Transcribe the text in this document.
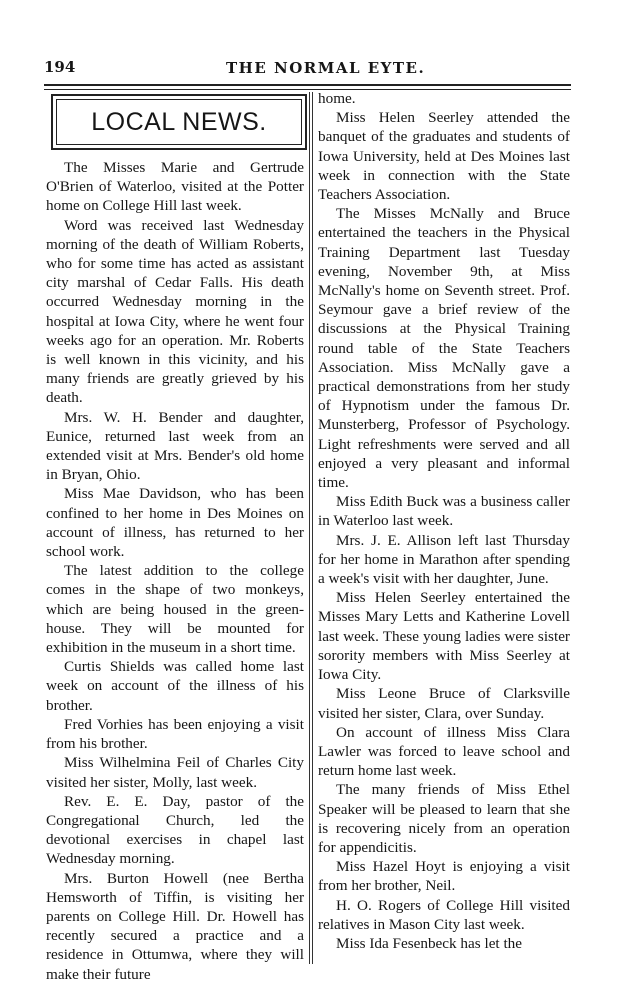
194	THE NORMAL EYTE.
LOCAL NEWS.

The Misses Marie and Gertrude O'Brien of Waterloo, visited at the Potter home on College Hill last week.

Word was received last Wednesday morning of the death of William Roberts, who for some time has acted as assistant city marshal of Cedar Falls. His death occurred Wednesday morning in the hospital at Iowa City, where he went four weeks ago for an operation. Mr. Roberts is well known in this vicinity, and his many friends are greatly grieved by his death.

Mrs. W. H. Bender and daughter, Eunice, returned last week from an extended visit at Mrs. Bender's old home in Bryan, Ohio.

Miss Mae Davidson, who has been confined to her home in Des Moines on account of illness, has returned to her school work.

The latest addition to the college comes in the shape of two monkeys, which are being housed in the green-house. They will be mounted for exhibition in the museum in a short time.

Curtis Shields was called home last week on account of the illness of his brother.

Fred Vorhies has been enjoying a visit from his brother.

Miss Wilhelmina Feil of Charles City visited her sister, Molly, last week.

Rev. E. E. Day, pastor of the Congregational Church, led the devotional exercises in chapel last Wednesday morning.

Mrs. Burton Howell (nee Bertha Hemsworth of Tiffin, is visiting her parents on College Hill. Dr. Howell has recently secured a practice and a residence in Ottumwa, where they will make their future

home.

Miss Helen Seerley attended the banquet of the graduates and students of Iowa University, held at Des Moines last week in connection with the State Teachers Association.

The Misses McNally and Bruce entertained the teachers in the Physical Training Department last Tuesday evening, November 9th, at Miss McNally's home on Seventh street. Prof. Seymour gave a brief review of the discussions at the Physical Training round table of the State Teachers Association. Miss McNally gave a practical demonstrations from her study of Hypnotism under the famous Dr. Munsterberg, Professor of Psychology. Light refreshments were served and all enjoyed a very pleasant and informal time.

Miss Edith Buck was a business caller in Waterloo last week.

Mrs. J. E. Allison left last Thursday for her home in Marathon after spending a week's visit with her daughter, June.

Miss Helen Seerley entertained the Misses Mary Letts and Katherine Lovell last week. These young ladies were sister sorority members with Miss Seerley at Iowa City.

Miss Leone Bruce of Clarksville visited her sister, Clara, over Sunday.

On account of illness Miss Clara Lawler was forced to leave school and return home last week.

The many friends of Miss Ethel Speaker will be pleased to learn that she is recovering nicely from an operation for appendicitis.

Miss Hazel Hoyt is enjoying a visit from her brother, Neil.

H. O. Rogers of College Hill visited relatives in Mason City last week.

Miss Ida Fesenbeck has let the
